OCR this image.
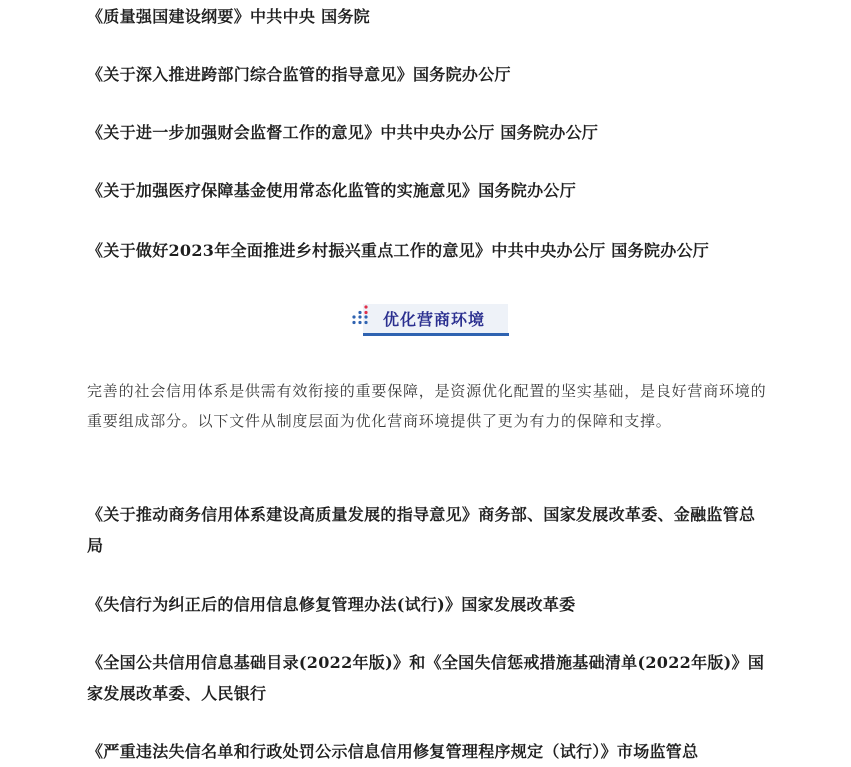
《质量强国建设纲要》中共中央 国务院

《关于深入推进跨部门综合监管的指导意见》国务院办公厅

《关于进一步加强财会监督工作的意见》中共中央办公厅 国务院办公厅

《关于加强医疗保障基金使用常态化监管的实施意见》国务院办公厅

《关于做好2023年全面推进乡村振兴重点工作的意见》中共中央办公厅 国务院办公厅

优化营商环境

完善的社会信用体系是供需有效衔接的重要保障，是资源优化配置的坚实基础，是良好营商环境的重要组成部分。以下文件从制度层面为优化营商环境提供了更为有力的保障和支撑。

《关于推动商务信用体系建设高质量发展的指导意见》商务部、国家发展改革委、金融监管总局

《失信行为纠正后的信用信息修复管理办法(试行)》国家发展改革委

《全国公共信用信息基础目录(2022年版)》和《全国失信惩戒措施基础清单(2022年版)》国家发展改革委、人民银行

《严重违法失信名单和行政处罚公示信息信用修复管理程序规定（试行）》市场监管总
